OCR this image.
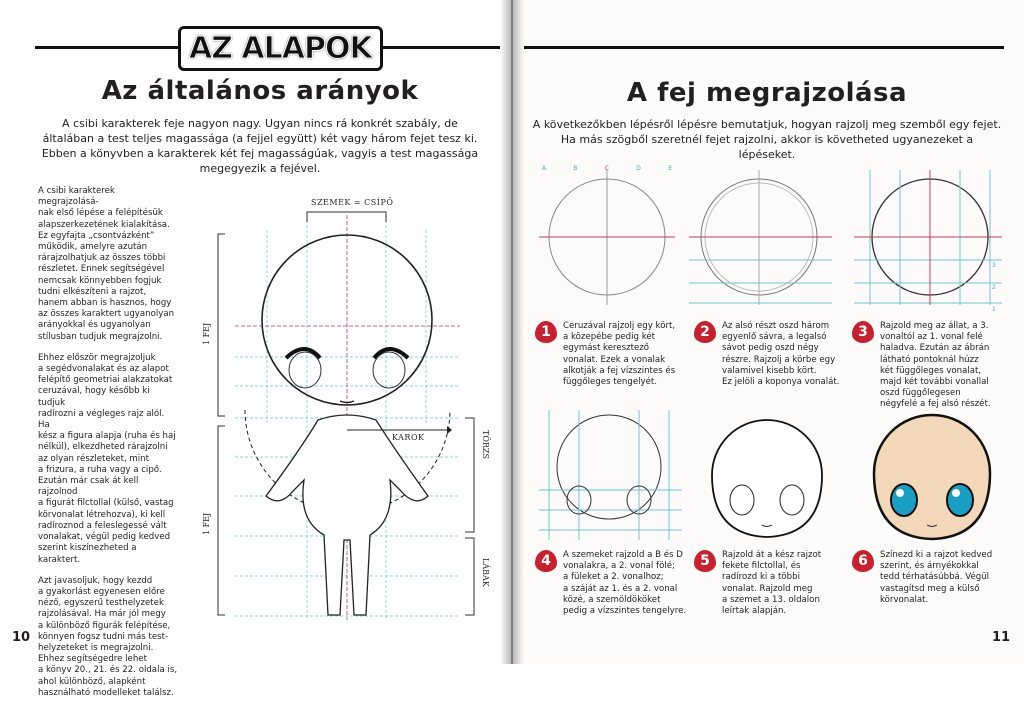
AZ ALAPOK
Az általános arányok
A csibi karakterek feje nagyon nagy. Ugyan nincs rá konkrét szabály, de általában a test teljes magassága (a fejjel együtt) két vagy három fejet tesz ki. Ebben a könyvben a karakterek két fej magasságúak, vagyis a test magassága megegyezik a fejével.

A csibi karakterek megrajzolásá-
nak első lépése a felépítésük
alapszerkezetének kialakítása.
Ez egyfajta „csontvázként”
működik, amelyre azután
rárajzolhatjuk az összes többi
részletet. Ennek segítségével
nemcsak könnyebben fogjuk
tudni elkészíteni a rajzot,
hanem abban is hasznos, hogy
az összes karaktert ugyanolyan
arányokkal és ugyanolyan
stílusban tudjuk megrajzolni.

Ehhez először megrajzoljuk
a segédvonalakat és az alapot
felépítő geometriai alakzatokat
ceruzával, hogy később ki tudjuk
radírozni a végleges rajz alól. Ha
kész a figura alapja (ruha és haj
nélkül), elkezdheted rárajzolni
az olyan részleteket, mint
a frizura, a ruha vagy a cipő.
Ezután már csak át kell rajzolnod
a figurát filctollal (külső, vastag
körvonalat létrehozva), ki kell
radíroznod a feleslegessé vált
vonalakat, végül pedig kedved
szerint kiszínezheted a karaktert.

Azt javasoljuk, hogy kezdd
a gyakorlást egyenesen előre
néző, egyszerű testhelyzetek
rajzolásával. Ha már jól megy
a különböző figurák felépítése,
könnyen fogsz tudni más test-
helyzeteket is megrajzolni.
Ehhez segítségedre lehet
a könyv 20., 21. és 22. oldala is,
ahol különböző, alapként
használható modelleket találsz.

SZEMEK = CSÍPŐ
1 FEJ
1 FEJ
KAROK	TÖRZS
LÁBAK
10
A fej megrajzolása
A következőkben lépésről lépésre bemutatjuk, hogyan rajzolj meg szemből egy fejet. Ha más szögből szeretnél fejet rajzolni, akkor is követheted ugyanezeket a lépéseket.
A	B	C	D	E
3
2
1
1	Ceruzával rajzolj egy kört,
a közepébe pedig két
egymást keresztező
vonalat. Ezek a vonalak
alkotják a fej vízszintes és
függőleges tengelyét.
2	Az alsó részt oszd három
egyenlő sávra, a legalsó
sávot pedig oszd négy
részre. Rajzolj a körbe egy
valamivel kisebb kört.
Ez jelöli a koponya vonalát.
3	Rajzold meg az állat, a 3.
vonaltól az 1. vonal felé
haladva. Ezután az ábrán
látható pontoknál húzz
két függőleges vonalat,
majd két további vonallal
oszd függőlegesen
négyfelé a fej alsó részét.
4	A szemeket rajzold a B és D
vonalakra, a 2. vonal fölé;
a füleket a 2. vonalhoz;
a száját az 1. és a 2. vonal
közé, a szemöldököket
pedig a vízszintes tengelyre.
5	Rajzold át a kész rajzot
fekete filctollal, és
radírozd ki a többi
vonalat. Rajzold meg
a szemet a 13. oldalon
leírtak alapján.
6	Színezd ki a rajzot kedved
szerint, és árnyékokkal
tedd térhatásúbbá. Végül
vastagítsd meg a külső
körvonalat.
11
